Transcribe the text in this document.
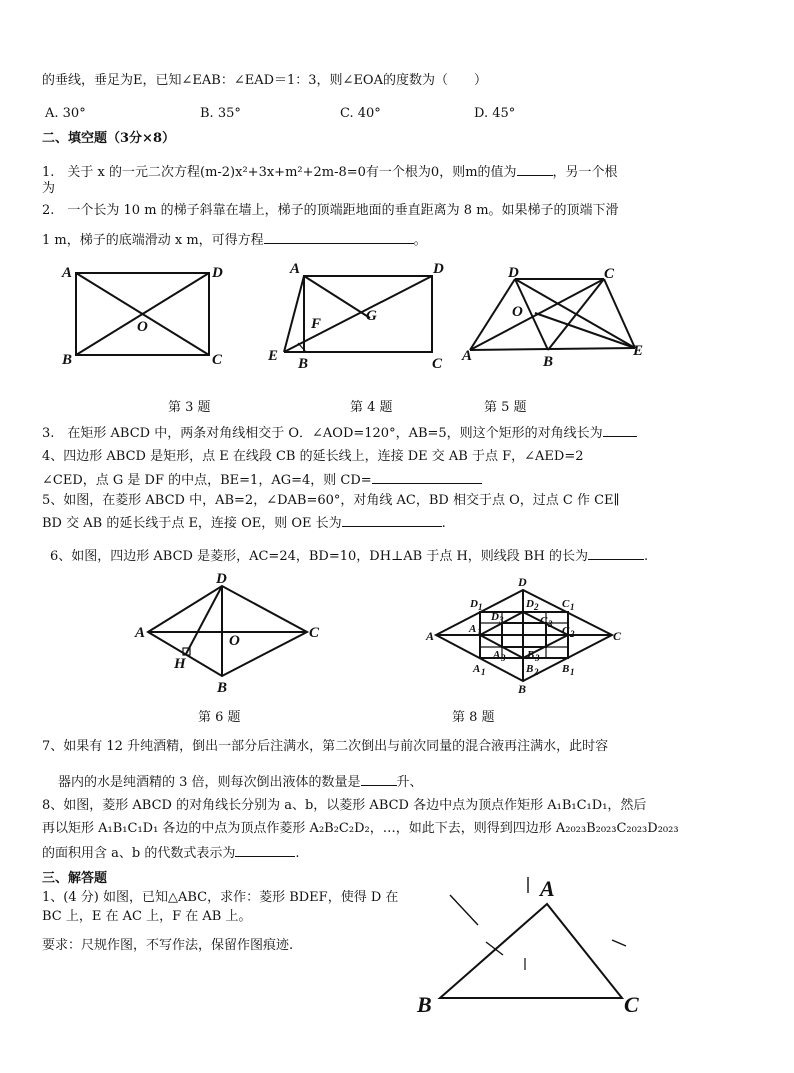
的垂线，垂足为E，已知∠EAB：∠EAD＝1：3，则∠EOA的度数为（　　）
A. 30°	B. 35°	C. 40°	D. 45°
二、填空题（3分×8）
1.　关于 x 的一元二次方程(m-2)x²+3x+m²+2m-8=0有一个根为0，则m的值为	，另一个根
为
2.　一个长为 10 m 的梯子斜靠在墙上，梯子的顶端距地面的垂直距离为 8 m。如果梯子的顶端下滑
1 m，梯子的底端滑动 x m，可得方程	。
第 3 题	第 4 题	第 5 题
3.　在矩形 ABCD 中，两条对角线相交于 O．∠AOD=120°，AB=5，则这个矩形的对角线长为
4、四边形 ABCD 是矩形，点 E 在线段 CB 的延长线上，连接 DE 交 AB 于点 F，∠AED=2
∠CED，点 G 是 DF 的中点，BE=1，AG=4，则 CD=
5、如图，在菱形 ABCD 中，AB=2，∠DAB=60°，对角线 AC，BD 相交于点 O，过点 C 作 CE∥
BD 交 AB 的延长线于点 E，连接 OE，则 OE 长为	.
6、如图，四边形 ABCD 是菱形，AC=24，BD=10，DH⊥AB 于点 H，则线段 BH 的长为	.
第 6 题	第 8 题
7、如果有 12 升纯酒精，倒出一部分后注满水，第二次倒出与前次同量的混合液再注满水，此时容
器内的水是纯酒精的 3 倍，则每次倒出液体的数量是	升、
8、如图，菱形 ABCD 的对角线长分别为 a、b，以菱形 ABCD 各边中点为顶点作矩形 A₁B₁C₁D₁，然后
再以矩形 A₁B₁C₁D₁ 各边的中点为顶点作菱形 A₂B₂C₂D₂，…，如此下去，则得到四边形 A₂₀₂₃B₂₀₂₃C₂₀₂₃D₂₀₂₃
的面积用含 a、b 的代数式表示为	.
三、解答题
1、(4 分) 如图，已知△ABC，求作：菱形 BDEF，使得 D 在
BC 上，E 在 AC 上，F 在 AB 上。
要求：尺规作图，不写作法，保留作图痕迹.
A	D
B	C
O
A	D
E B	C
F	G
D	C
A	B
E
O
D
A	C
B
O
H
A	C
D
B
D 1	D 2 C 1
D 3	C 3
A 1	C 2
A 3 B 3
A 1	B 2 B 1
A
B	C
